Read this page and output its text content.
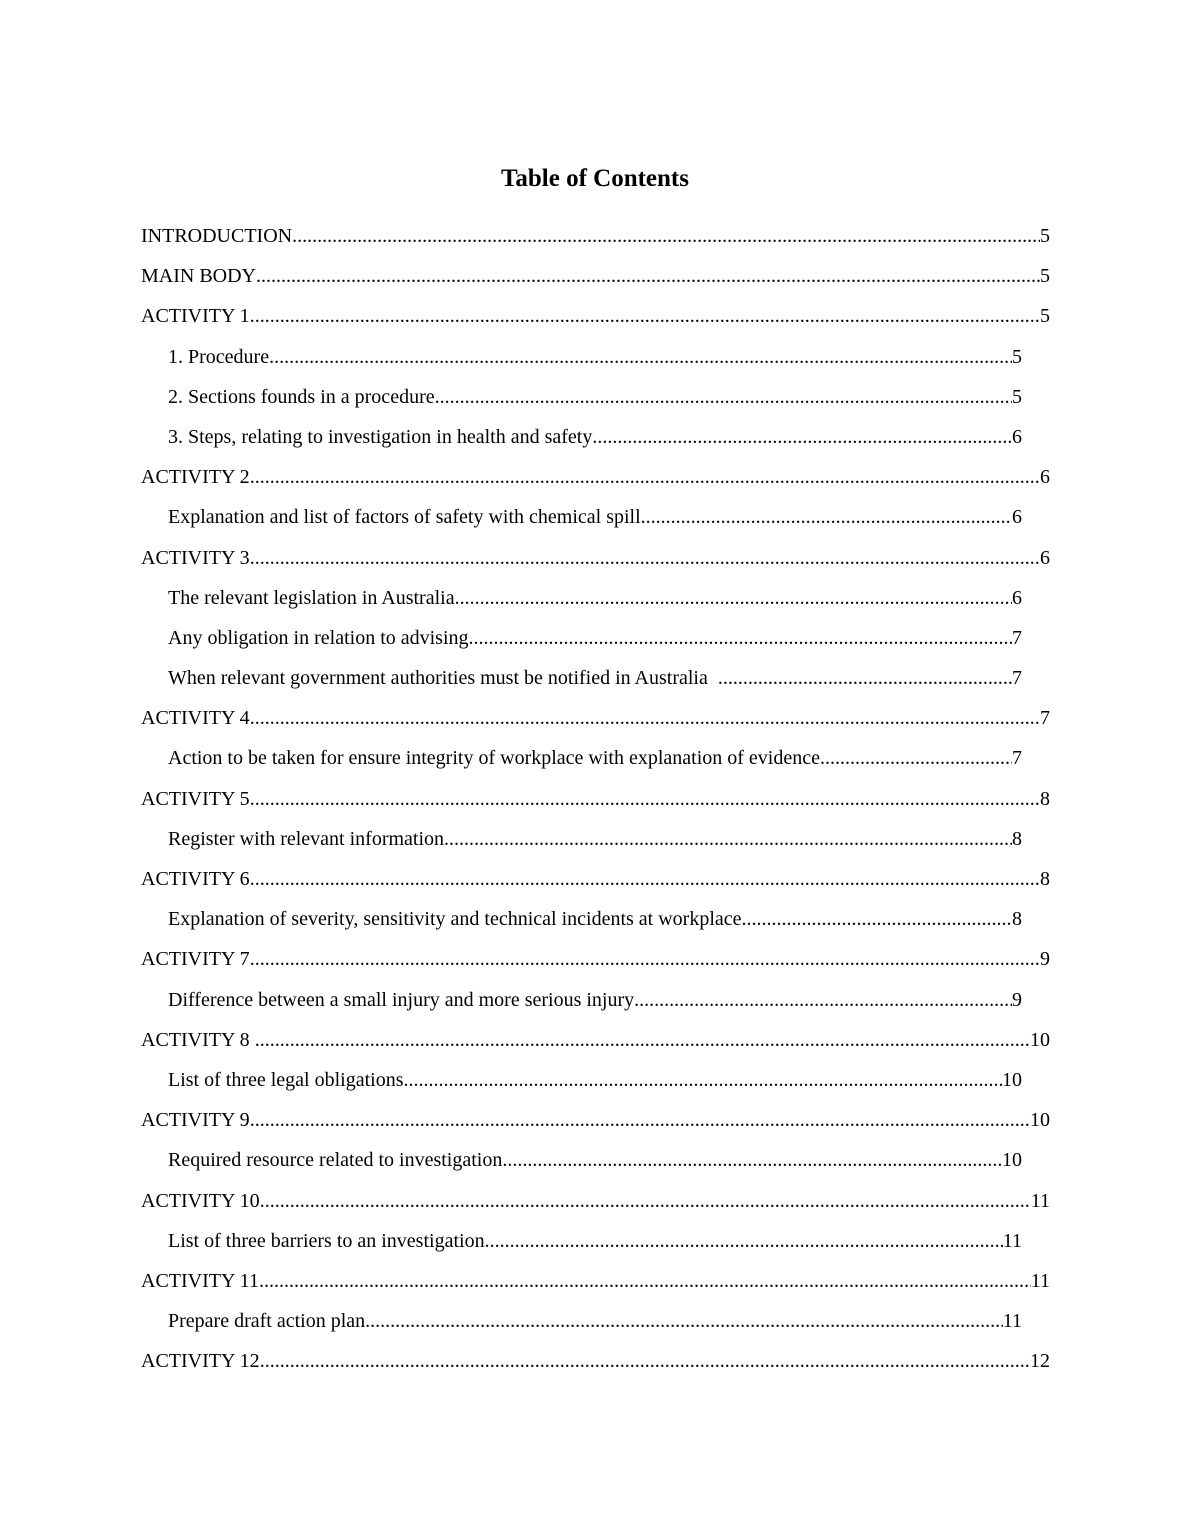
Table of Contents
INTRODUCTION .....	5
MAIN BODY .....	5
ACTIVITY 1 .....	5
1. Procedure .....	5
2. Sections founds in a procedure .....	5
3. Steps, relating to investigation in health and safety .....	6
ACTIVITY 2 .....	6
Explanation and list of factors of safety with chemical spill .....	6
ACTIVITY 3 .....	6
The relevant legislation in Australia .....	6
Any obligation in relation to advising .....	7
When relevant government authorities must be notified in Australia .....	7
ACTIVITY 4 .....	7
Action to be taken for ensure integrity of workplace with explanation of evidence .....	7
ACTIVITY 5 .....	8
Register with relevant information .....	8
ACTIVITY 6 .....	8
Explanation of severity, sensitivity and technical incidents at workplace .....	8
ACTIVITY 7 .....	9
Difference between a small injury and more serious injury .....	9
ACTIVITY 8 .....	10
List of three legal obligations .....	10
ACTIVITY 9 .....	10
Required resource related to investigation .....	10
ACTIVITY 10 .....	11
List of three barriers to an investigation .....	11
ACTIVITY 11 .....	11
Prepare draft action plan .....	11
ACTIVITY 12 .....	12
